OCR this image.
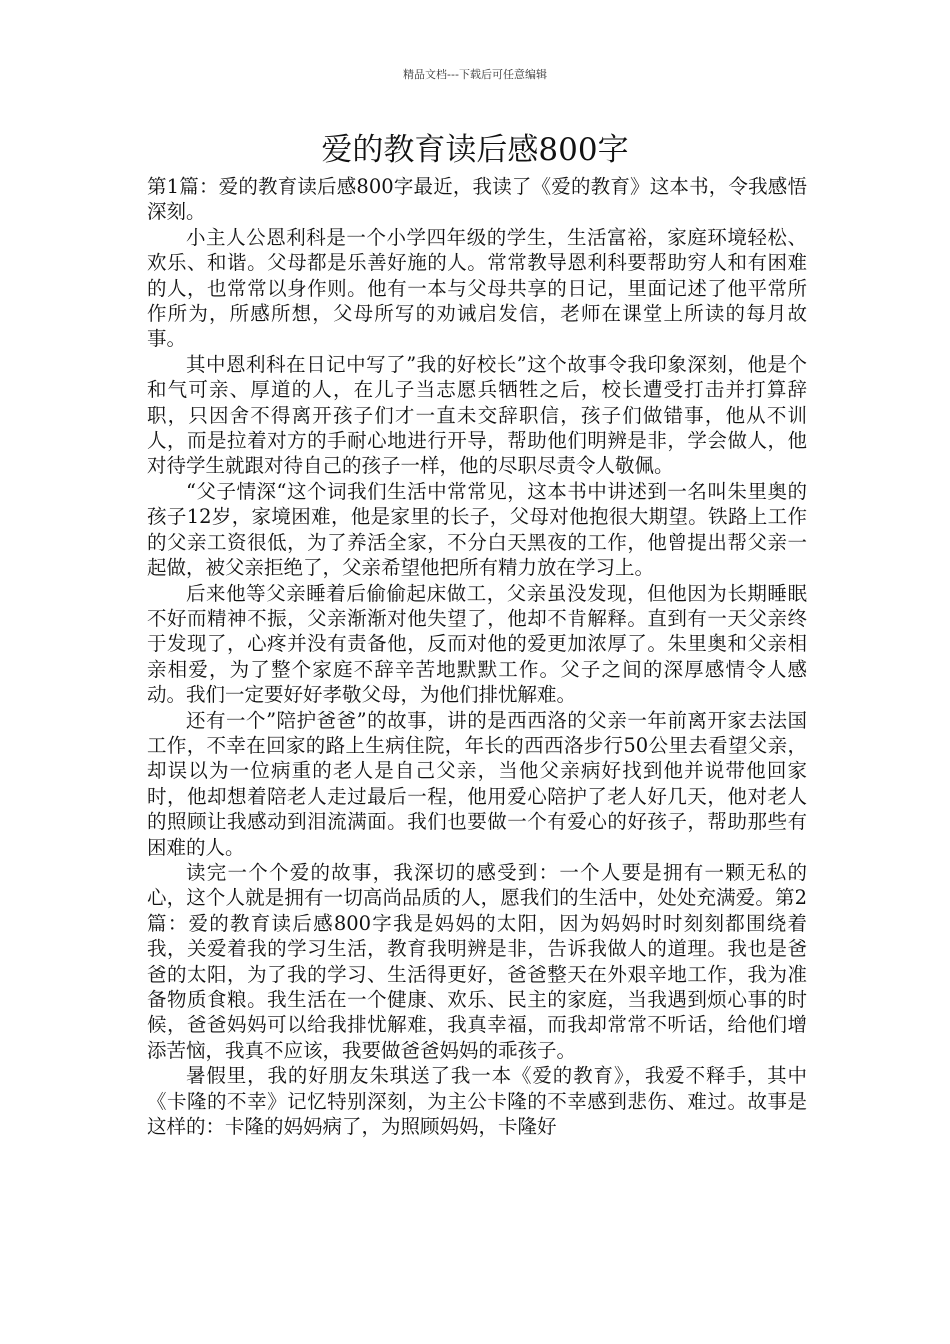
精品文档---下载后可任意编辑
爱的教育读后感800字

第1篇：爱的教育读后感800字最近，我读了《爱的教育》这本书，令我感悟深刻。

小主人公恩利科是一个小学四年级的学生，生活富裕，家庭环境轻松、欢乐、和谐。父母都是乐善好施的人。常常教导恩利科要帮助穷人和有困难的人，也常常以身作则。他有一本与父母共享的日记，里面记述了他平常所作所为，所感所想，父母所写的劝诫启发信，老师在课堂上所读的每月故事。

其中恩利科在日记中写了”我的好校长”这个故事令我印象深刻，他是个和气可亲、厚道的人，在儿子当志愿兵牺牲之后，校长遭受打击并打算辞职，只因舍不得离开孩子们才一直未交辞职信，孩子们做错事，他从不训人，而是拉着对方的手耐心地进行开导，帮助他们明辨是非，学会做人，他对待学生就跟对待自己的孩子一样，他的尽职尽责令人敬佩。

“父子情深“这个词我们生活中常常见，这本书中讲述到一名叫朱里奥的孩子12岁，家境困难，他是家里的长子，父母对他抱很大期望。铁路上工作的父亲工资很低，为了养活全家，不分白天黑夜的工作，他曾提出帮父亲一起做，被父亲拒绝了，父亲希望他把所有精力放在学习上。

后来他等父亲睡着后偷偷起床做工，父亲虽没发现，但他因为长期睡眠不好而精神不振，父亲渐渐对他失望了，他却不肯解释。直到有一天父亲终于发现了，心疼并没有责备他，反而对他的爱更加浓厚了。朱里奥和父亲相亲相爱，为了整个家庭不辞辛苦地默默工作。父子之间的深厚感情令人感动。我们一定要好好孝敬父母，为他们排忧解难。

还有一个”陪护爸爸”的故事，讲的是西西洛的父亲一年前离开家去法国工作，不幸在回家的路上生病住院，年长的西西洛步行50公里去看望父亲，却误以为一位病重的老人是自己父亲，当他父亲病好找到他并说带他回家时，他却想着陪老人走过最后一程，他用爱心陪护了老人好几天，他对老人的照顾让我感动到泪流满面。我们也要做一个有爱心的好孩子，帮助那些有困难的人。

读完一个个爱的故事，我深切的感受到：一个人要是拥有一颗无私的心，这个人就是拥有一切高尚品质的人，愿我们的生活中，处处充满爱。第2篇：爱的教育读后感800字我是妈妈的太阳，因为妈妈时时刻刻都围绕着我，关爱着我的学习生活，教育我明辨是非，告诉我做人的道理。我也是爸爸的太阳，为了我的学习、生活得更好，爸爸整天在外艰辛地工作，我为准备物质食粮。我生活在一个健康、欢乐、民主的家庭，当我遇到烦心事的时候，爸爸妈妈可以给我排忧解难，我真幸福，而我却常常不听话，给他们增添苦恼，我真不应该，我要做爸爸妈妈的乖孩子。

暑假里，我的好朋友朱琪送了我一本《爱的教育》，我爱不释手，其中《卡隆的不幸》记忆特别深刻，为主公卡隆的不幸感到悲伤、难过。故事是这样的：卡隆的妈妈病了，为照顾妈妈，卡隆好
